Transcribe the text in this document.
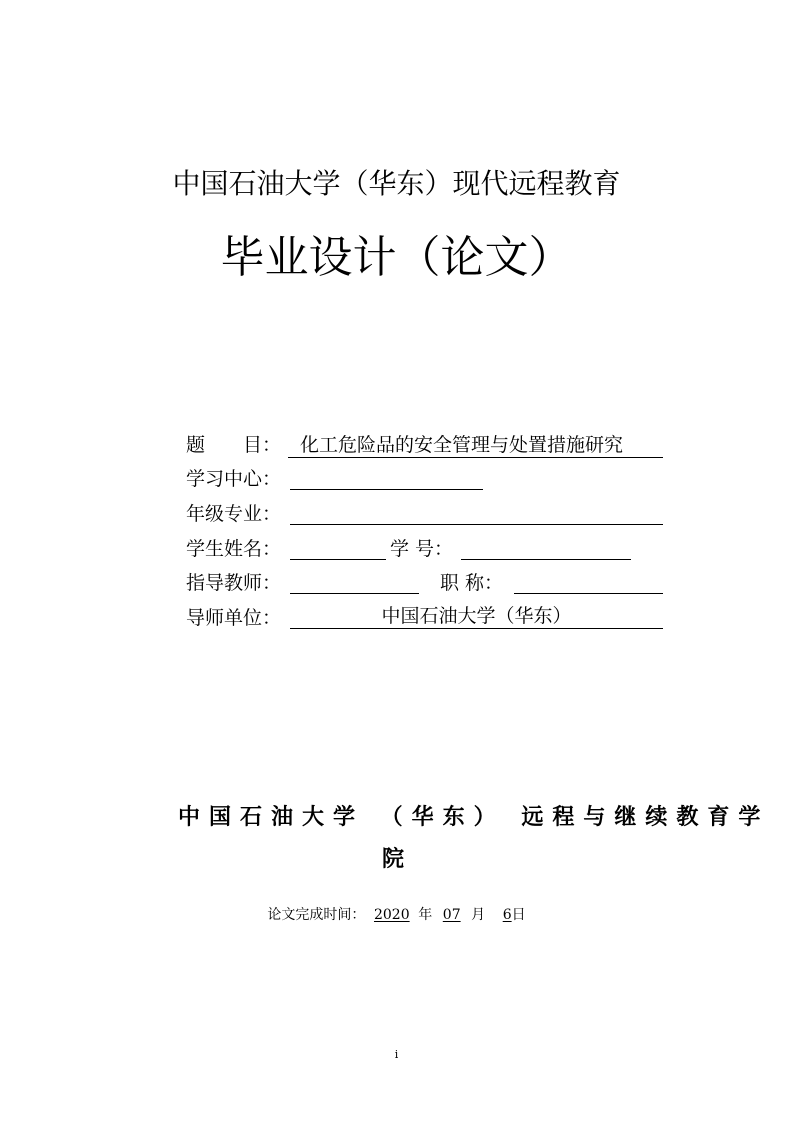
中国石油大学（华东）现代远程教育
毕业设计（论文）
题　　目： 化工危险品的安全管理与处置措施研究
学习中心：
年级专业：
学生姓名：	学 号：
指导教师：	职 称：
导师单位：	中国石油大学（华东）
中国石油大学 （华东） 远程与继续教育学
院
论文完成时间： 2020 年 07 月 6日
i
